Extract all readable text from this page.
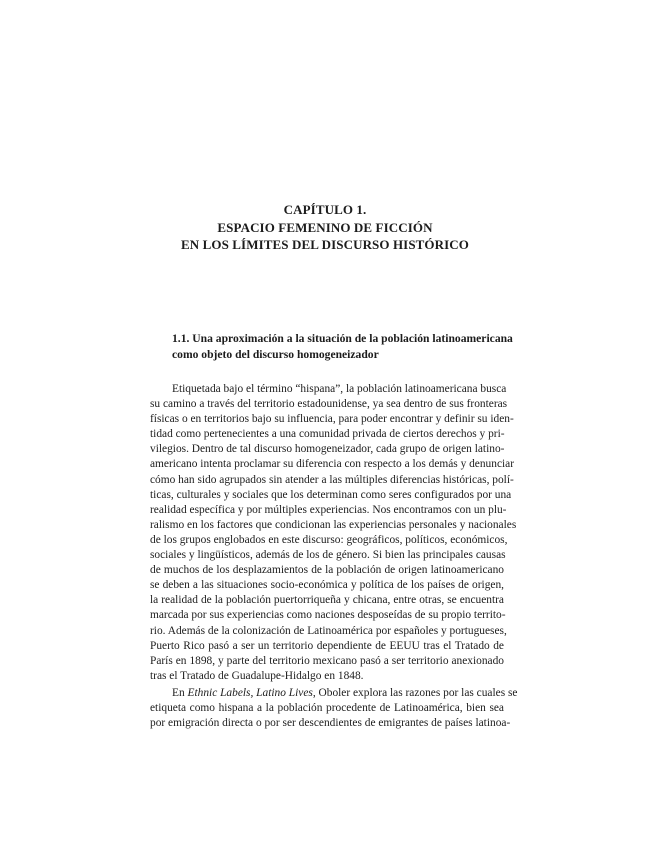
CAPÍTULO 1.
ESPACIO FEMENINO DE FICCIÓN
EN LOS LÍMITES DEL DISCURSO HISTÓRICO
1.1. Una aproximación a la situación de la población latinoamericana
como objeto del discurso homogeneizador
Etiquetada bajo el término “hispana”, la población latinoamericana busca
su camino a través del territorio estadounidense, ya sea dentro de sus fronteras
físicas o en territorios bajo su influencia, para poder encontrar y definir su iden-
tidad como pertenecientes a una comunidad privada de ciertos derechos y pri-
vilegios. Dentro de tal discurso homogeneizador, cada grupo de origen latino-
americano intenta proclamar su diferencia con respecto a los demás y denunciar
cómo han sido agrupados sin atender a las múltiples diferencias históricas, polí-
ticas, culturales y sociales que los determinan como seres configurados por una
realidad específica y por múltiples experiencias. Nos encontramos con un plu-
ralismo en los factores que condicionan las experiencias personales y nacionales
de los grupos englobados en este discurso: geográficos, políticos, económicos,
sociales y lingüísticos, además de los de género. Si bien las principales causas
de muchos de los desplazamientos de la población de origen latinoamericano
se deben a las situaciones socio-económica y política de los países de origen,
la realidad de la población puertorriqueña y chicana, entre otras, se encuentra
marcada por sus experiencias como naciones desposeídas de su propio territo-
rio. Además de la colonización de Latinoamérica por españoles y portugueses,
Puerto Rico pasó a ser un territorio dependiente de EEUU tras el Tratado de
París en 1898, y parte del territorio mexicano pasó a ser territorio anexionado
tras el Tratado de Guadalupe-Hidalgo en 1848.
En Ethnic Labels, Latino Lives, Oboler explora las razones por las cuales se
etiqueta como hispana a la población procedente de Latinoamérica, bien sea
por emigración directa o por ser descendientes de emigrantes de países latinoa-
